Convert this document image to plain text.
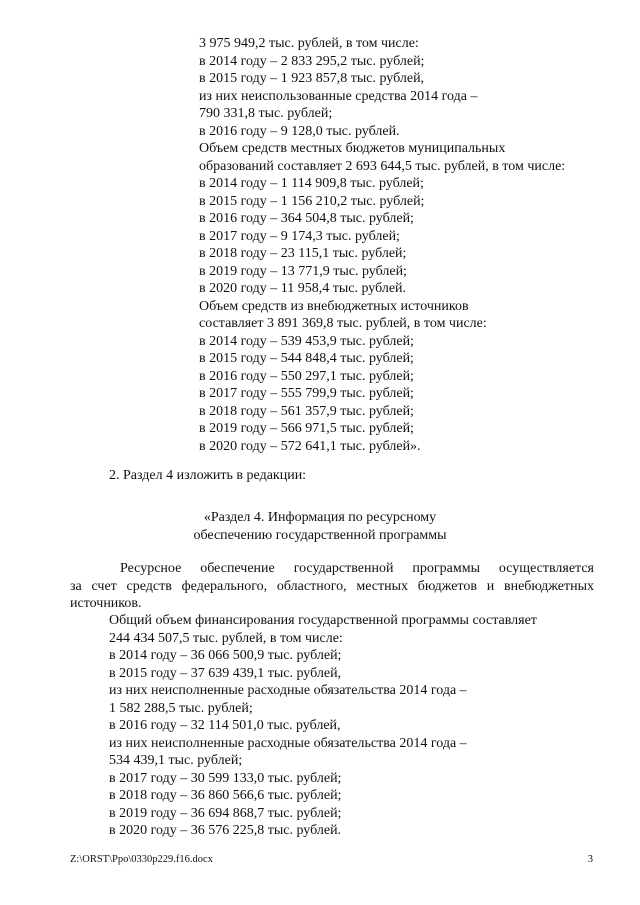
3 975 949,2 тыс. рублей, в том числе:
в 2014 году – 2 833 295,2 тыс. рублей;
в 2015 году – 1 923 857,8 тыс. рублей,
из них неиспользованные средства 2014 года –
790 331,8 тыс. рублей;
в 2016 году – 9 128,0 тыс. рублей.
Объем средств местных бюджетов муниципальных
образований составляет 2 693 644,5 тыс. рублей, в том числе:
в 2014 году – 1 114 909,8 тыс. рублей;
в 2015 году – 1 156 210,2 тыс. рублей;
в 2016 году – 364 504,8 тыс. рублей;
в 2017 году – 9 174,3 тыс. рублей;
в 2018 году – 23 115,1 тыс. рублей;
в 2019 году – 13 771,9 тыс. рублей;
в 2020 году – 11 958,4 тыс. рублей.
Объем средств из внебюджетных источников
составляет 3 891 369,8 тыс. рублей, в том числе:
в 2014 году – 539 453,9 тыс. рублей;
в 2015 году – 544 848,4 тыс. рублей;
в 2016 году – 550 297,1 тыс. рублей;
в 2017 году – 555 799,9 тыс. рублей;
в 2018 году – 561 357,9 тыс. рублей;
в 2019 году – 566 971,5 тыс. рублей;
в 2020 году – 572 641,1 тыс. рублей».
2. Раздел 4 изложить в редакции:
«Раздел 4. Информация по ресурсному
обеспечению государственной программы
Ресурсное обеспечение государственной программы осуществляется
за счет средств федерального, областного, местных бюджетов и внебюджетных
источников.
Общий объем финансирования государственной программы составляет
244 434 507,5 тыс. рублей, в том числе:
в 2014 году – 36 066 500,9 тыс. рублей;
в 2015 году – 37 639 439,1 тыс. рублей,
из них неисполненные расходные обязательства 2014 года –
1 582 288,5 тыс. рублей;
в 2016 году – 32 114 501,0 тыс. рублей,
из них неисполненные расходные обязательства 2014 года –
534 439,1 тыс. рублей;
в 2017 году – 30 599 133,0 тыс. рублей;
в 2018 году – 36 860 566,6 тыс. рублей;
в 2019 году – 36 694 868,7 тыс. рублей;
в 2020 году – 36 576 225,8 тыс. рублей.
Z:\ORST\Ppo\0330p229.f16.docx	3
